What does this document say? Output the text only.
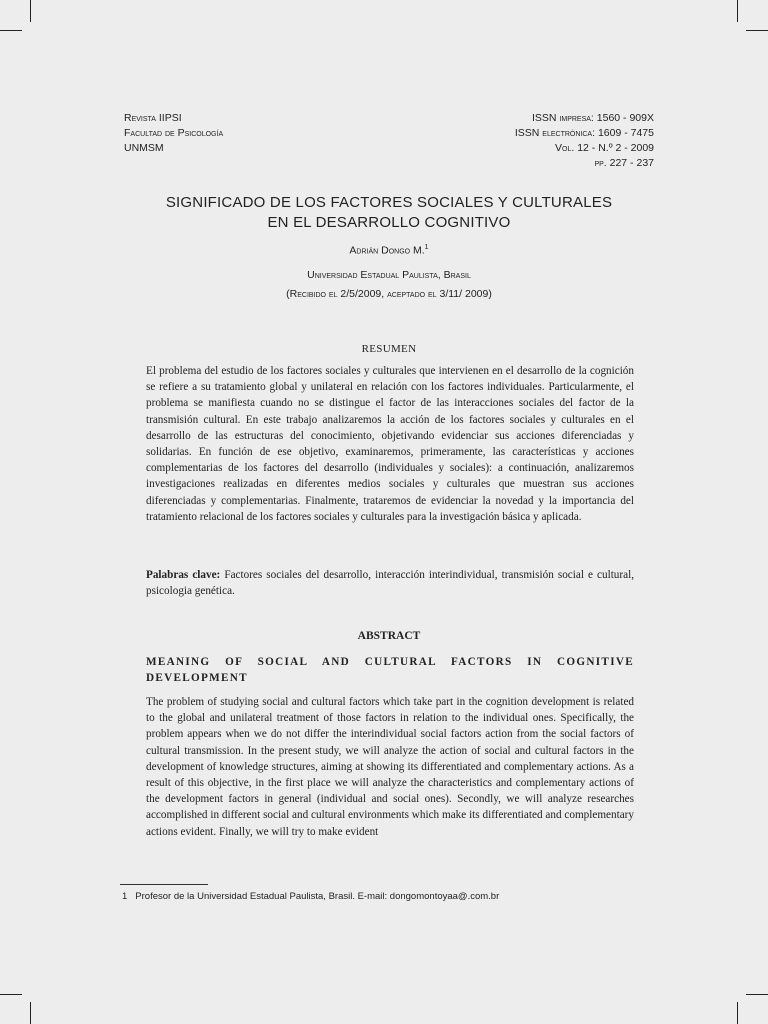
Revista IIPSI
Facultad de Psicología
UNMSM
ISSN impresa: 1560 - 909X
ISSN electrónica: 1609 - 7475
Vol. 12 - N.º 2 - 2009
pp. 227 - 237
SIGNIFICADO DE LOS FACTORES SOCIALES Y CULTURALES
EN EL DESARROLLO COGNITIVO
Adrián Dongo M.$^1$
Universidad Estadual Paulista, Brasil
(Recibido el 2/5/2009, aceptado el 3/11/ 2009)
RESUMEN
El problema del estudio de los factores sociales y culturales que intervienen en el desarrollo de la cognición se refiere a su tratamiento global y unilateral en relación con los factores individuales. Particularmente, el problema se manifiesta cuando no se distingue el factor de las interacciones sociales del factor de la transmisión cultural. En este trabajo analizaremos la acción de los factores sociales y culturales en el desarrollo de las estructuras del conocimiento, objetivando evidenciar sus acciones diferenciadas y solidarias. En función de ese objetivo, examinaremos, primeramente, las características y acciones complementarias de los factores del desarrollo (individuales y sociales): a continuación, analizaremos investigaciones realizadas en diferentes medios sociales y culturales que muestran sus acciones diferenciadas y complementarias. Finalmente, trataremos de evidenciar la novedad y la importancia del tratamiento relacional de los factores sociales y culturales para la investigación básica y aplicada.
Palabras clave: Factores sociales del desarrollo, interacción interindividual, transmisión social e cultural, psicologia genética.
ABSTRACT
MEANING OF SOCIAL AND CULTURAL FACTORS IN COGNITIVE DEVELOPMENT
The problem of studying social and cultural factors which take part in the cognition development is related to the global and unilateral treatment of those factors in relation to the individual ones. Specifically, the problem appears when we do not differ the interindividual social factors action from the social factors of cultural transmission. In the present study, we will analyze the action of social and cultural factors in the development of knowledge structures, aiming at showing its differentiated and complementary actions. As a result of this objective, in the first place we will analyze the characteristics and complementary actions of the development factors in general (individual and social ones). Secondly, we will analyze researches accomplished in different social and cultural environments which make its differentiated and complementary actions evident. Finally, we will try to make evident
1 Profesor de la Universidad Estadual Paulista, Brasil. E-mail: dongomontoyaa@.com.br
